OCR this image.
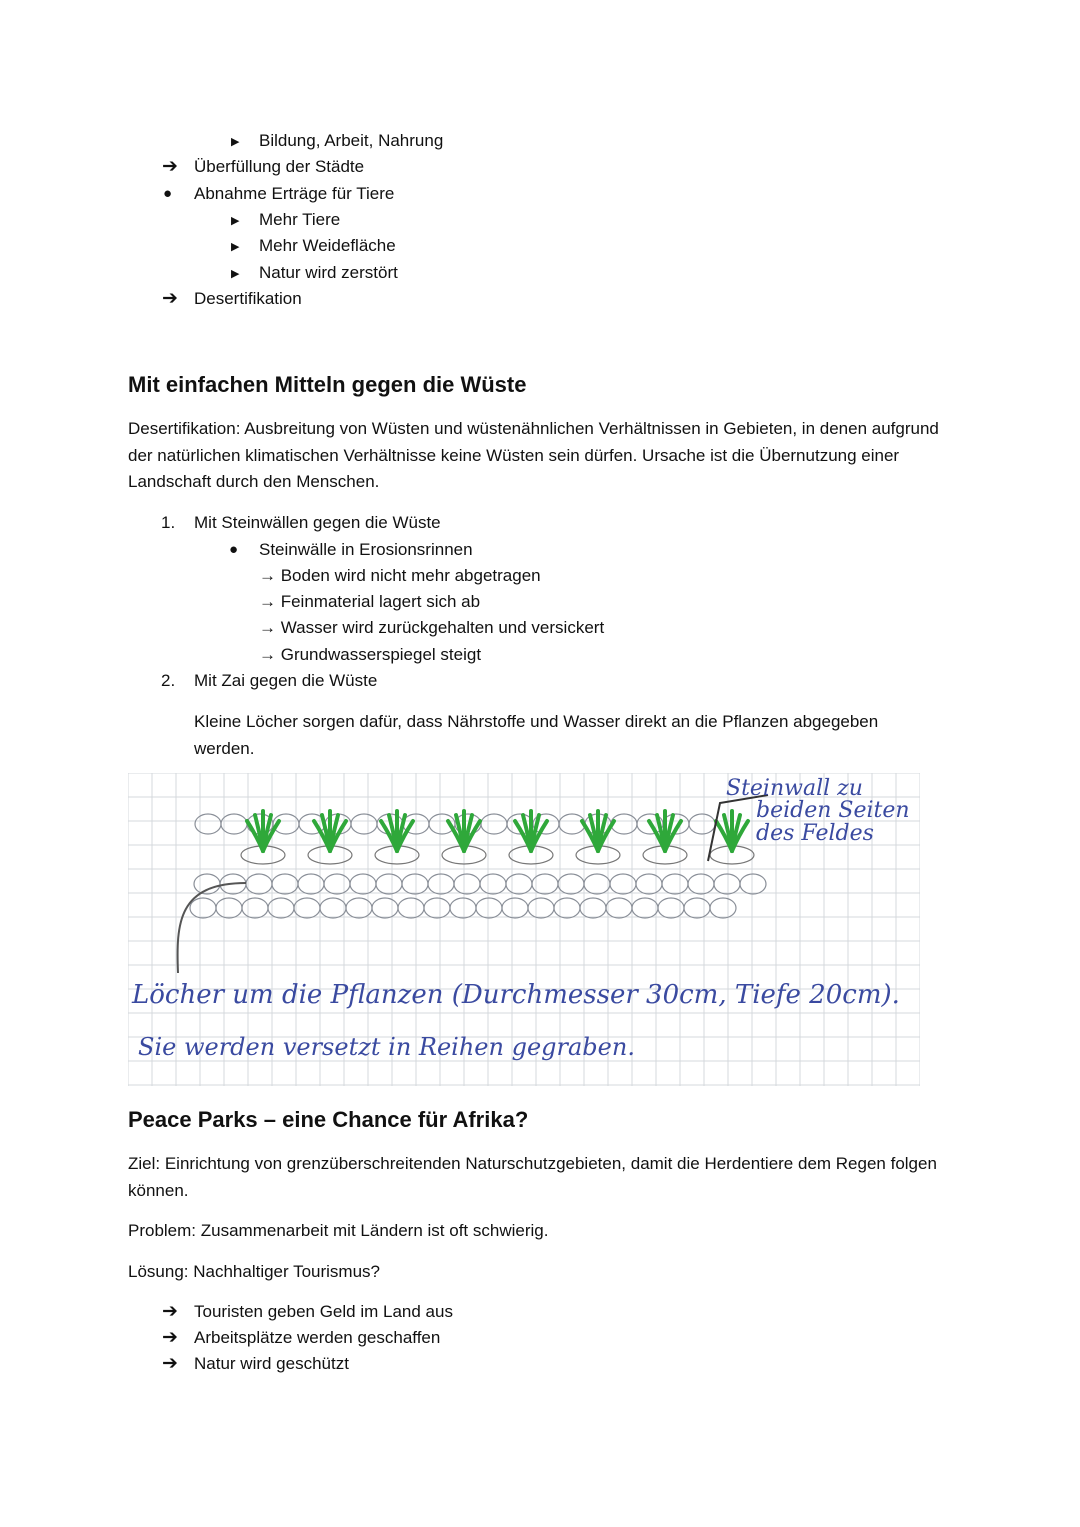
▶ Bildung, Arbeit, Nahrung
➔ Überfüllung der Städte
● Abnahme Erträge für Tiere
▶ Mehr Tiere
▶ Mehr Weidefläche
▶ Natur wird zerstört
➔ Desertifikation
Mit einfachen Mitteln gegen die Wüste

Desertifikation: Ausbreitung von Wüsten und wüstenähnlichen Verhältnissen in Gebieten, in denen aufgrund der natürlichen klimatischen Verhältnisse keine Wüsten sein dürfen. Ursache ist die Übernutzung einer Landschaft durch den Menschen.

1. Mit Steinwällen gegen die Wüste
● Steinwälle in Erosionsrinnen
→ Boden wird nicht mehr abgetragen
→ Feinmaterial lagert sich ab
→ Wasser wird zurückgehalten und versickert
→ Grundwasserspiegel steigt
2. Mit Zai gegen die Wüste

Kleine Löcher sorgen dafür, dass Nährstoffe und Wasser direkt an die Pflanzen abgegeben werden.

Steinwall zu
beiden Seiten
des Feldes
Löcher um die Pflanzen (Durchmesser 30cm, Tiefe 20cm).
Sie werden versetzt in Reihen gegraben.
Peace Parks – eine Chance für Afrika?

Ziel: Einrichtung von grenzüberschreitenden Naturschutzgebieten, damit die Herdentiere dem Regen folgen können.

Problem: Zusammenarbeit mit Ländern ist oft schwierig.
Lösung: Nachhaltiger Tourismus?
➔ Touristen geben Geld im Land aus
➔ Arbeitsplätze werden geschaffen
➔ Natur wird geschützt
